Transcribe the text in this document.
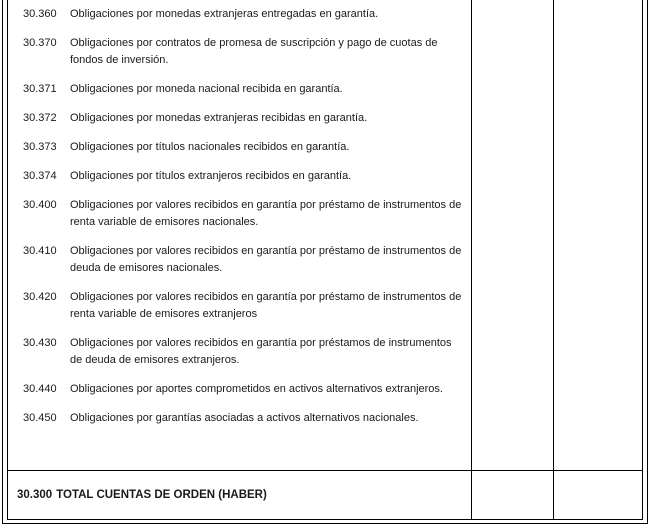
30.360	Obligaciones por monedas extranjeras entregadas en garantía.
30.370	Obligaciones por contratos de promesa de suscripción y pago de cuotas de fondos de inversión.
30.371	Obligaciones por moneda nacional recibida en garantía.
30.372	Obligaciones por monedas extranjeras recibidas en garantía.
30.373	Obligaciones por títulos nacionales recibidos en garantía.
30.374	Obligaciones por títulos extranjeros recibidos en garantía.
30.400	Obligaciones por valores recibidos en garantía por préstamo de instrumentos de renta variable de emisores nacionales.
30.410	Obligaciones por valores recibidos en garantía por préstamo de instrumentos de deuda de emisores nacionales.
30.420	Obligaciones por valores recibidos en garantía por préstamo de instrumentos de renta variable de emisores extranjeros
30.430	Obligaciones por valores recibidos en garantía por préstamos de instrumentos de deuda de emisores extranjeros.
30.440	Obligaciones por aportes comprometidos en activos alternativos extranjeros.
30.450	Obligaciones por garantías asociadas a activos alternativos nacionales.
30.300 TOTAL CUENTAS DE ORDEN (HABER)
